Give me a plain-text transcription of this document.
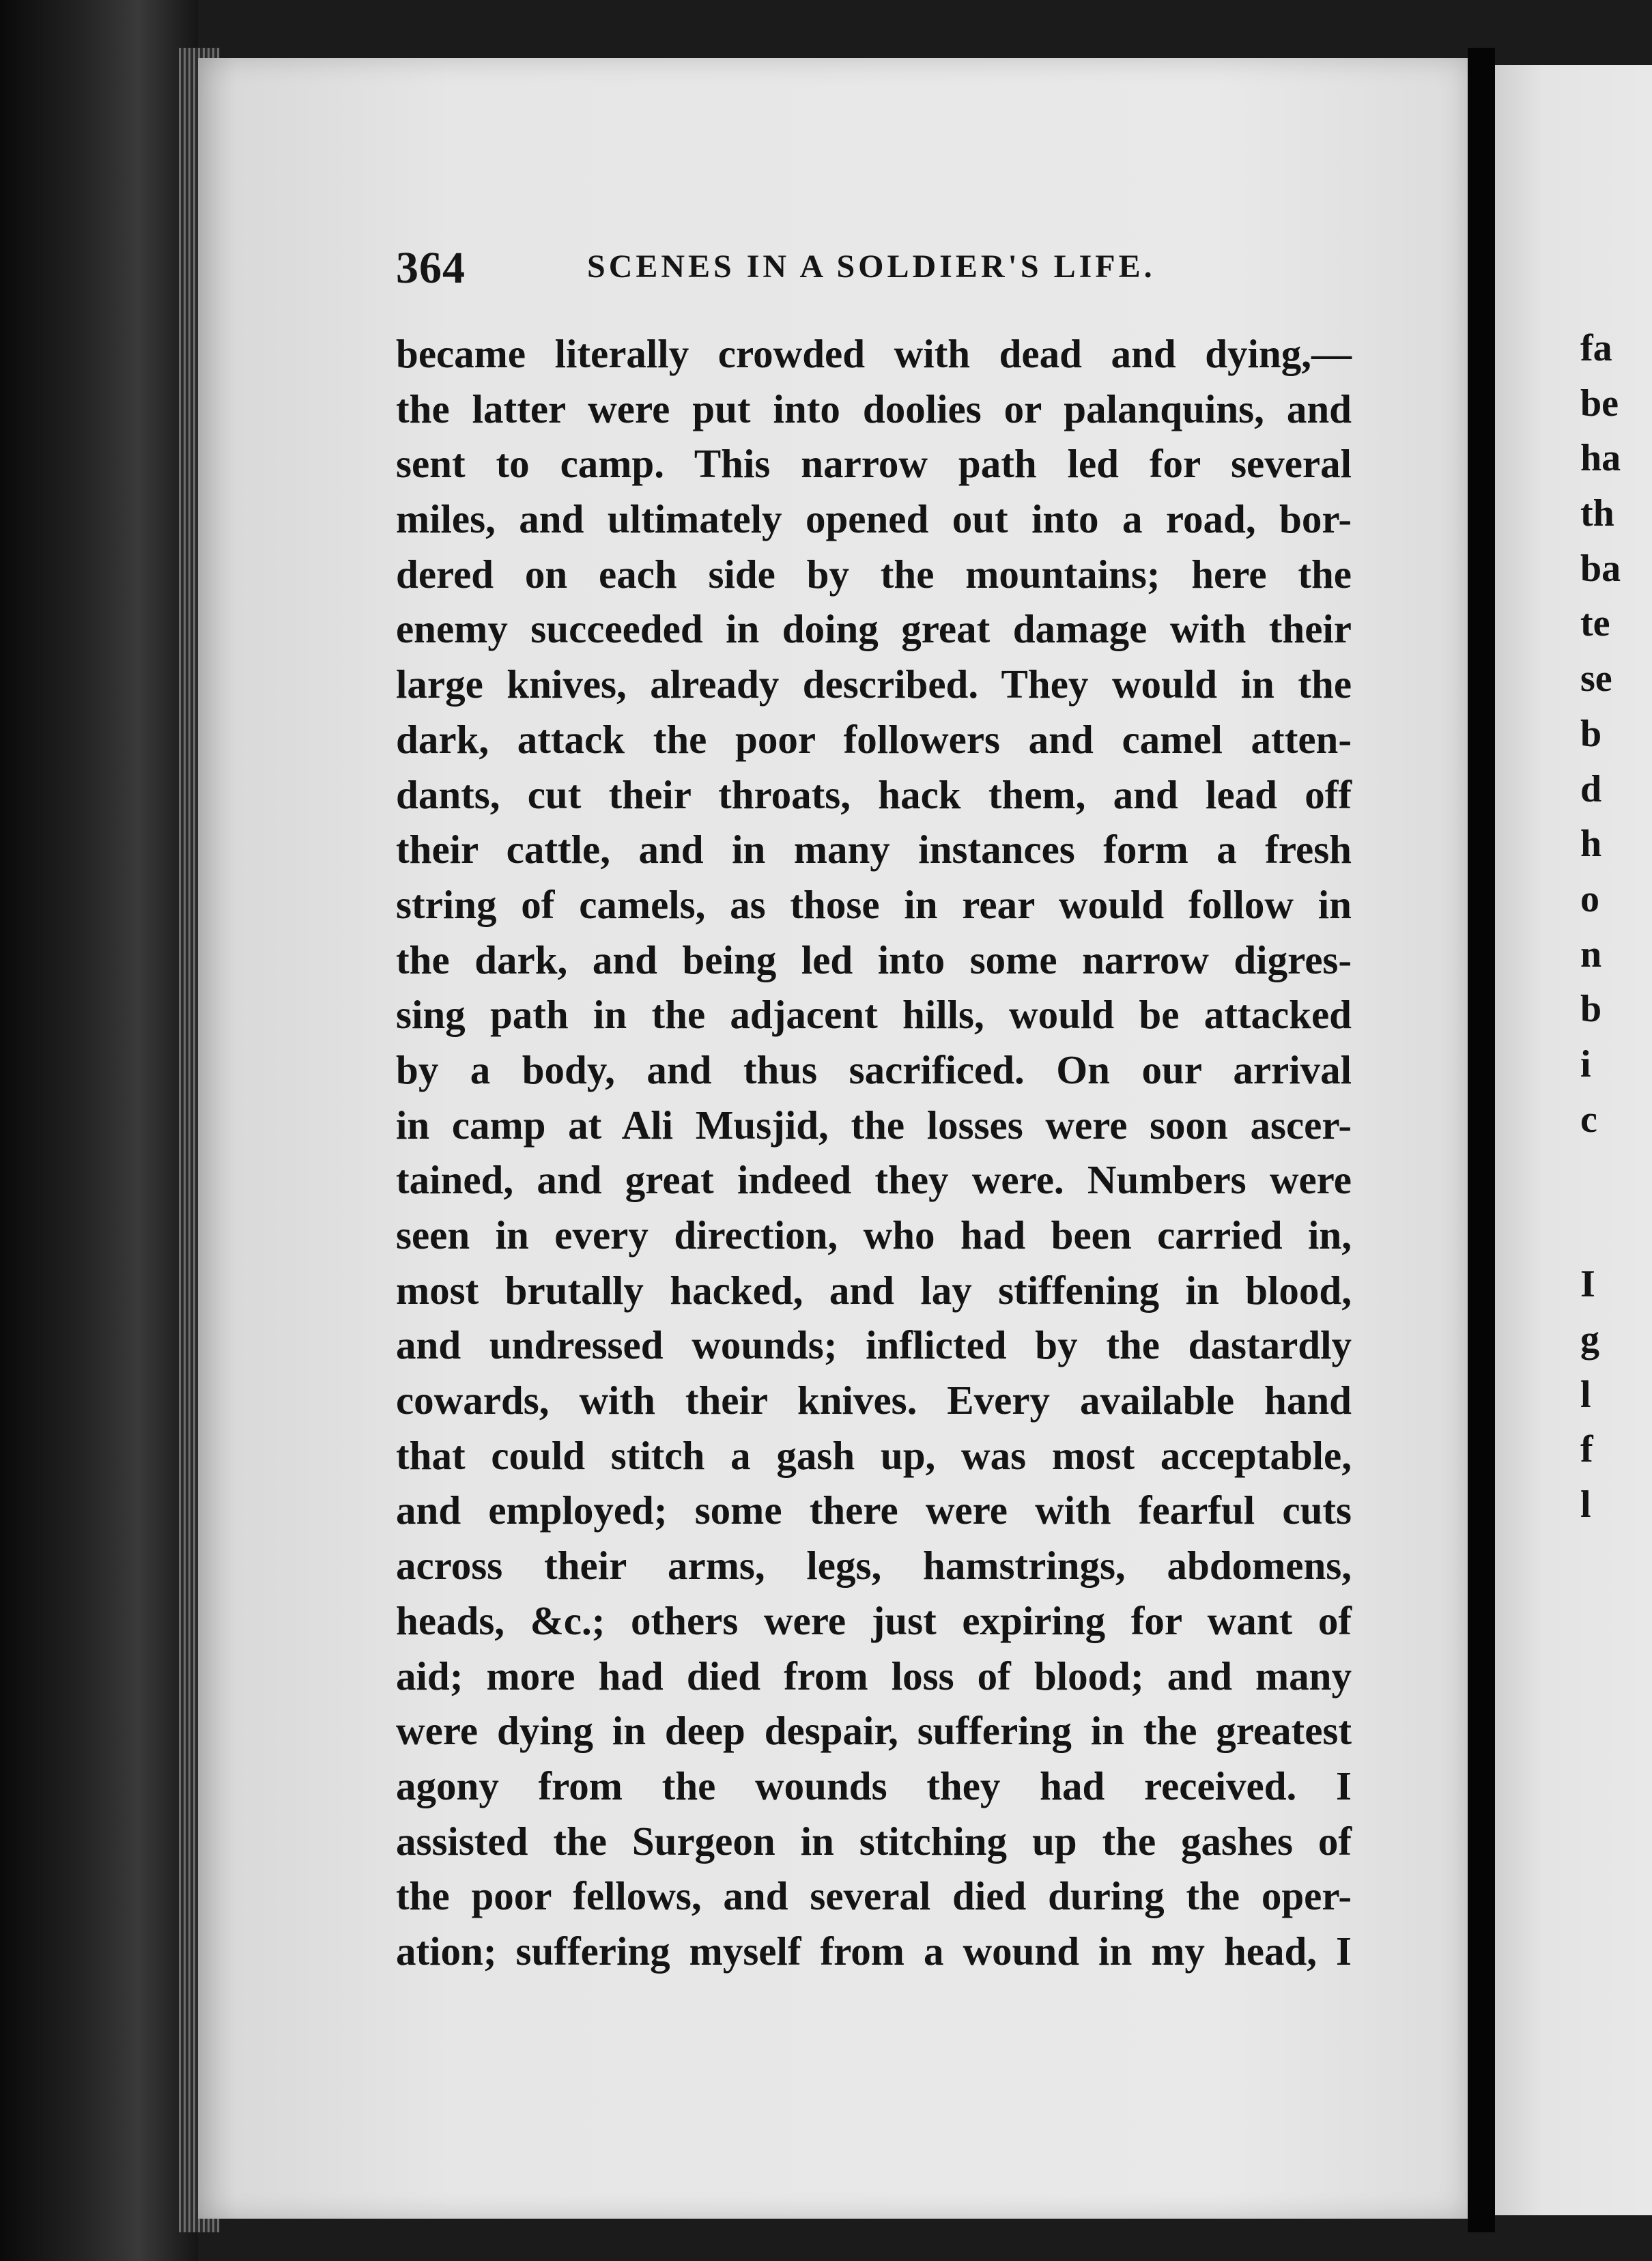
364	SCENES IN A SOLDIER'S LIFE.
became literally crowded with dead and dying,—
the latter were put into doolies or palanquins, and
sent to camp. This narrow path led for several
miles, and ultimately opened out into a road, bor-
dered on each side by the mountains; here the
enemy succeeded in doing great damage with their
large knives, already described. They would in the
dark, attack the poor followers and camel atten-
dants, cut their throats, hack them, and lead off
their cattle, and in many instances form a fresh
string of camels, as those in rear would follow in
the dark, and being led into some narrow digres-
sing path in the adjacent hills, would be attacked
by a body, and thus sacrificed. On our arrival
in camp at Ali Musjid, the losses were soon ascer-
tained, and great indeed they were. Numbers were
seen in every direction, who had been carried in,
most brutally hacked, and lay stiffening in blood,
and undressed wounds; inflicted by the dastardly
cowards, with their knives. Every available hand
that could stitch a gash up, was most acceptable,
and employed; some there were with fearful cuts
across their arms, legs, hamstrings, abdomens,
heads, &c.; others were just expiring for want of
aid; more had died from loss of blood; and many
were dying in deep despair, suffering in the greatest
agony from the wounds they had received. I
assisted the Surgeon in stitching up the gashes of
the poor fellows, and several died during the oper-
ation; suffering myself from a wound in my head, I
fa
be
ha
th
ba
te
se
b
d
h
o
n
b
i
c
I
g
l
f
l
